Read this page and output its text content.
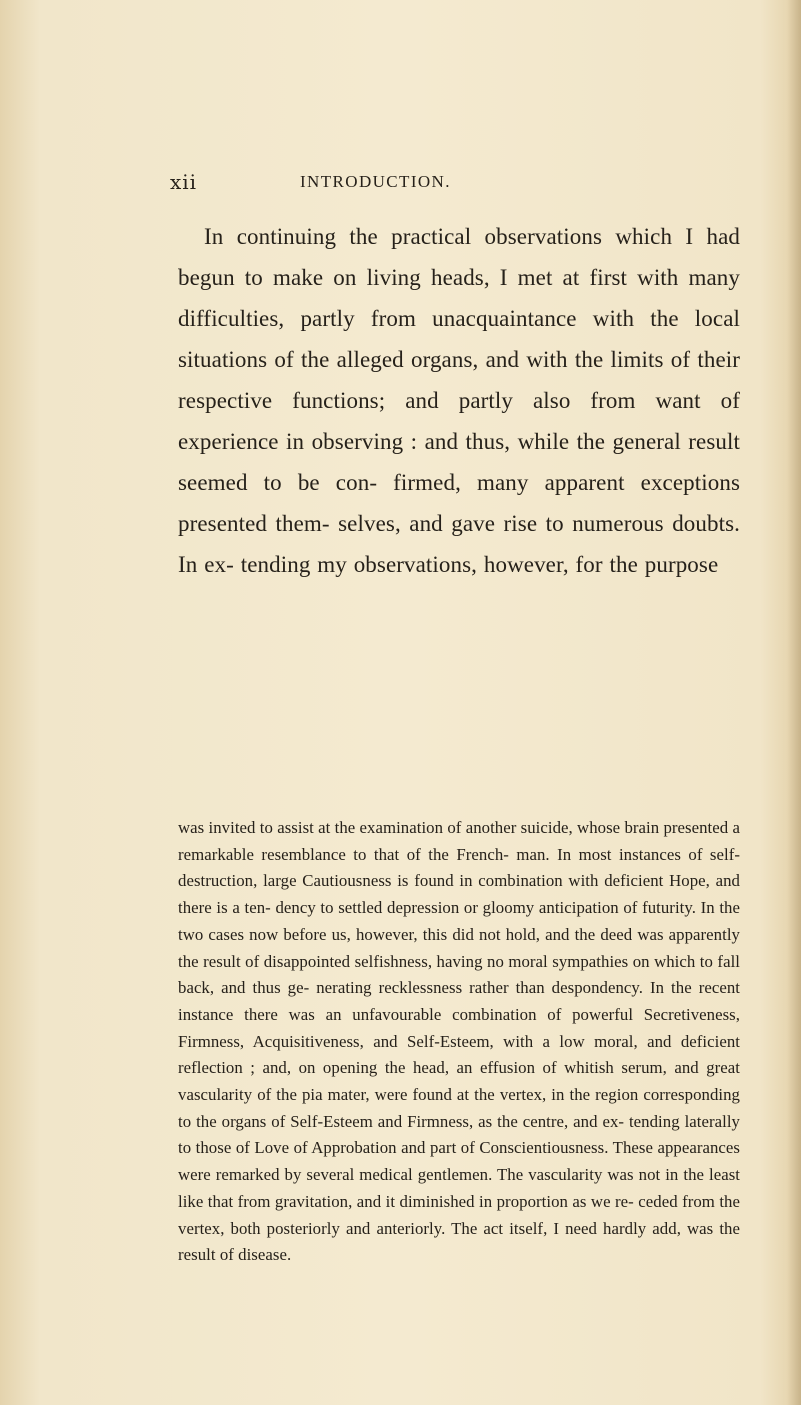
xii	INTRODUCTION.

In continuing the practical observations which I had begun to make on living heads, I met at first with many difficulties, partly from unacquaintance with the local situations of the alleged organs, and with the limits of their respective functions; and partly also from want of experience in observing : and thus, while the general result seemed to be con- firmed, many apparent exceptions presented them- selves, and gave rise to numerous doubts. In ex- tending my observations, however, for the purpose

was invited to assist at the examination of another suicide, whose brain presented a remarkable resemblance to that of the French- man. In most instances of self-destruction, large Cautiousness is found in combination with deficient Hope, and there is a ten- dency to settled depression or gloomy anticipation of futurity. In the two cases now before us, however, this did not hold, and the deed was apparently the result of disappointed selfishness, having no moral sympathies on which to fall back, and thus ge- nerating recklessness rather than despondency. In the recent instance there was an unfavourable combination of powerful Secretiveness, Firmness, Acquisitiveness, and Self-Esteem, with a low moral, and deficient reflection ; and, on opening the head, an effusion of whitish serum, and great vascularity of the pia mater, were found at the vertex, in the region corresponding to the organs of Self-Esteem and Firmness, as the centre, and ex- tending laterally to those of Love of Approbation and part of Conscientiousness. These appearances were remarked by several medical gentlemen. The vascularity was not in the least like that from gravitation, and it diminished in proportion as we re- ceded from the vertex, both posteriorly and anteriorly. The act itself, I need hardly add, was the result of disease.
